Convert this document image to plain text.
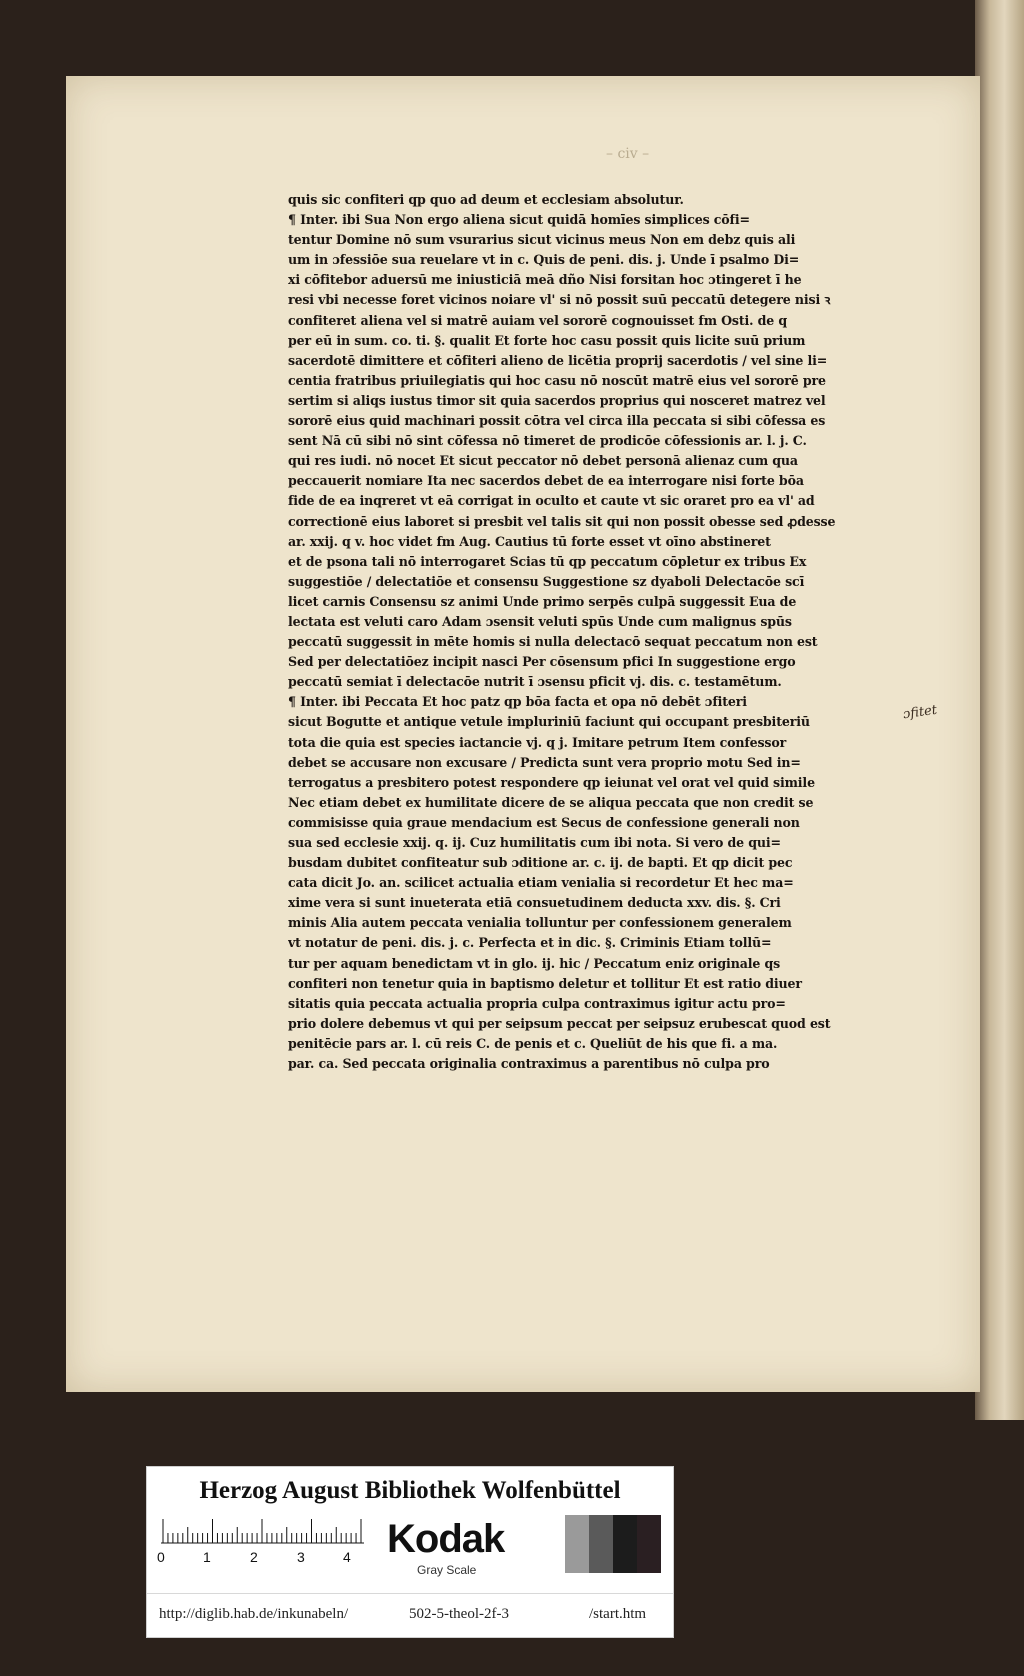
– civ –
quis sic confiteri qp quo ad deum et ecclesiam absolutur.
¶ Inter. ibi Sua Non ergo aliena sicut quidā homīes simplices cōfi=
tentur Domine nō sum vsurarius sicut vicinus meus Non em debz quis ali
um in ɔfessiōe sua reuelare vt in c. Quis de peni. dis. j. Unde ī psalmo Di=
xi cōfitebor aduersū me iniusticiā meā dño Nisi forsitan hoc ɔtingeret ī he
resi vbi necesse foret vicinos noiare vl' si nō possit suū peccatū detegere nisi ꝛ
confiteret aliena vel si matrē auiam vel sororē cognouisset fm Osti. de q
per eū in sum. co. ti. §. qualit Et forte hoc casu possit quis licite suū prium
sacerdotē dimittere et cōfiteri alieno de licētia proprij sacerdotis / vel sine li=
centia fratribus priuilegiatis qui hoc casu nō noscūt matrē eius vel sororē pre
sertim si aliqs iustus timor sit quia sacerdos proprius qui nosceret matrez vel
sororē eius quid machinari possit cōtra vel circa illa peccata si sibi cōfessa es
sent Nā cū sibi nō sint cōfessa nō timeret de prodicōe cōfessionis ar. l. j. C.
qui res iudi. nō nocet Et sicut peccator nō debet personā alienaz cum qua
peccauerit nomiare Ita nec sacerdos debet de ea interrogare nisi forte bōa
fide de ea inqreret vt eā corrigat in oculto et caute vt sic oraret pro ea vl' ad
correctionē eius laboret si presbit vel talis sit qui non possit obesse sed ꝓdesse
ar. xxij. q v. hoc videt fm Aug. Cautius tū forte esset vt oīno abstineret
et de psona tali nō interrogaret Scias tū qp peccatum cōpletur ex tribus Ex
suggestiōe / delectatiōe et consensu Suggestione sz dyaboli Delectacōe scī
licet carnis Consensu sz animi Unde primo serpēs culpā suggessit Eua de
lectata est veluti caro Adam ɔsensit veluti spūs Unde cum malignus spūs
peccatū suggessit in mēte homis si nulla delectacō sequat peccatum non est
Sed per delectatiōez incipit nasci Per cōsensum pfici In suggestione ergo
peccatū semiat ī delectacōe nutrit ī ɔsensu pficit vj. dis. c. testamētum.
¶ Inter. ibi Peccata Et hoc patz qp bōa facta et opa nō debēt ɔfiteri
sicut Bogutte et antique vetule impluriniū faciunt qui occupant presbiteriū
tota die quia est species iactancie vj. q j. Imitare petrum Item confessor
debet se accusare non excusare / Predicta sunt vera proprio motu Sed in=
terrogatus a presbitero potest respondere qp ieiunat vel orat vel quid simile
Nec etiam debet ex humilitate dicere de se aliqua peccata que non credit se
commisisse quia graue mendacium est Secus de confessione generali non
sua sed ecclesie xxij. q. ij. Cuz humilitatis cum ibi nota. Si vero de qui=
busdam dubitet confiteatur sub ɔditione ar. c. ij. de bapti. Et qp dicit pec
cata dicit Jo. an. scilicet actualia etiam venialia si recordetur Et hec ma=
xime vera si sunt inueterata etiā consuetudinem deducta xxv. dis. §. Cri
minis Alia autem peccata venialia tolluntur per confessionem generalem
vt notatur de peni. dis. j. c. Perfecta et in dic. §. Criminis Etiam tollū=
tur per aquam benedictam vt in glo. ij. hic / Peccatum eniz originale qs
confiteri non tenetur quia in baptismo deletur et tollitur Et est ratio diuer
sitatis quia peccata actualia propria culpa contraximus igitur actu pro=
prio dolere debemus vt qui per seipsum peccat per seipsuz erubescat quod est
penitēcie pars ar. l. cū reis C. de penis et c. Queliūt de his que fi. a ma.
par. ca. Sed peccata originalia contraximus a parentibus nō culpa pro
ɔfitet
Herzog August Bibliothek Wolfenbüttel
0	1	2	3	4 Kodak
Gray Scale
http://diglib.hab.de/inkunabeln/	502-5-theol-2f-3	/start.htm
